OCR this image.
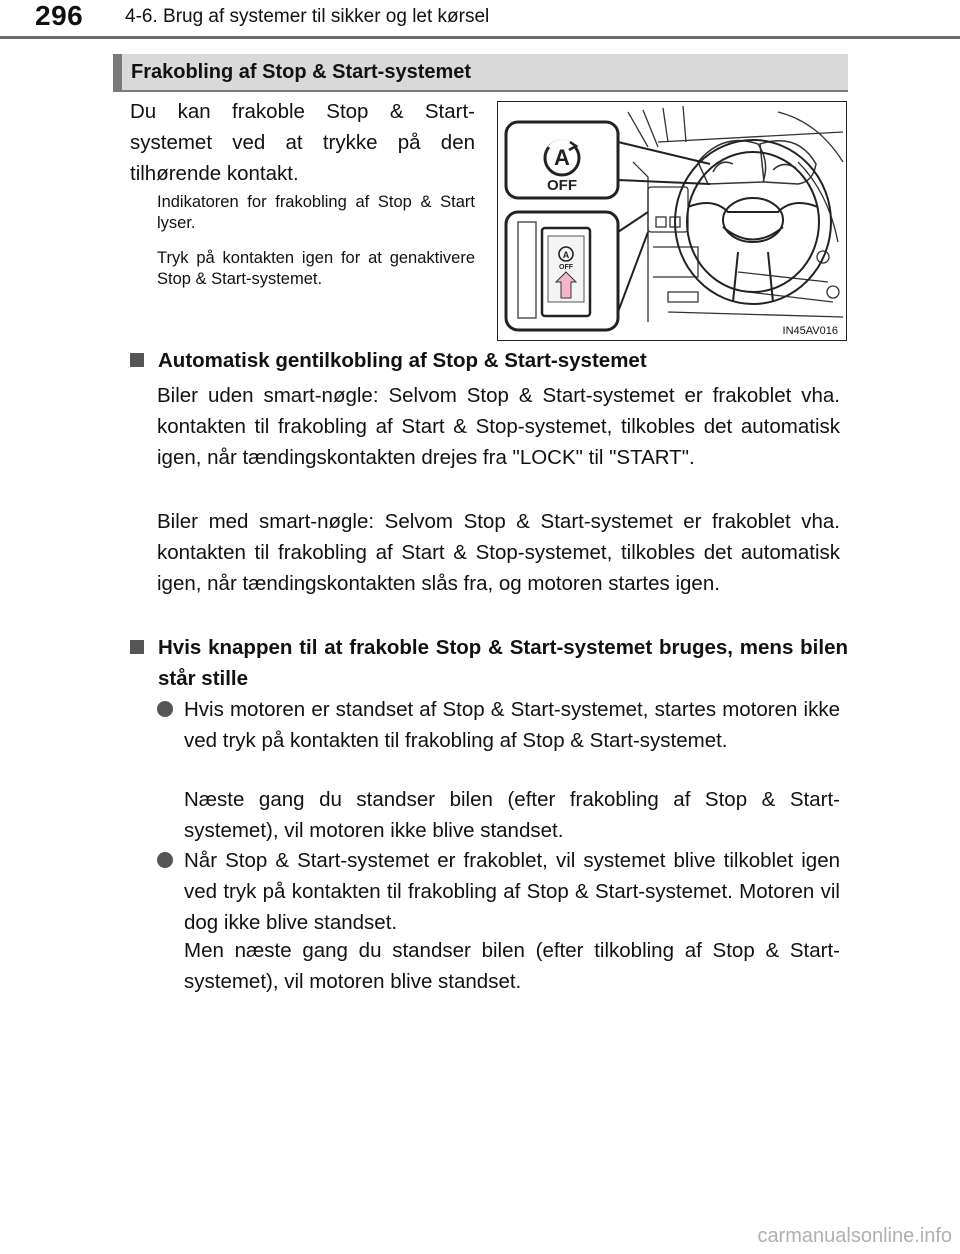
296 4-6. Brug af systemer til sikker og let kørsel
Frakobling af Stop & Start-systemet
Du kan frakoble Stop & Start-systemet ved at trykke på den tilhørende kontakt.
Indikatoren for frakobling af Stop & Start lyser.
Tryk på kontakten igen for at genaktivere Stop & Start-systemet.
A
OFF
A
OFF
IN45AV016
Automatisk gentilkobling af Stop & Start-systemet
Biler uden smart-nøgle: Selvom Stop & Start-systemet er frakoblet vha. kontakten til frakobling af Start & Stop-systemet, tilkobles det automatisk igen, når tændingskontakten drejes fra "LOCK" til "START".
Biler med smart-nøgle: Selvom Stop & Start-systemet er frakoblet vha. kontakten til frakobling af Start & Stop-systemet, tilkobles det automatisk igen, når tændingskontakten slås fra, og motoren startes igen.
Hvis knappen til at frakoble Stop & Start-systemet bruges, mens bilen står stille
Hvis motoren er standset af Stop & Start-systemet, startes motoren ikke ved tryk på kontakten til frakobling af Stop & Start-systemet.
Næste gang du standser bilen (efter frakobling af Stop & Start-systemet), vil motoren ikke blive standset.
Når Stop & Start-systemet er frakoblet, vil systemet blive tilkoblet igen ved tryk på kontakten til frakobling af Stop & Start-systemet. Motoren vil dog ikke blive standset.
Men næste gang du standser bilen (efter tilkobling af Stop & Start-systemet), vil motoren blive standset.
carmanualsonline.info
